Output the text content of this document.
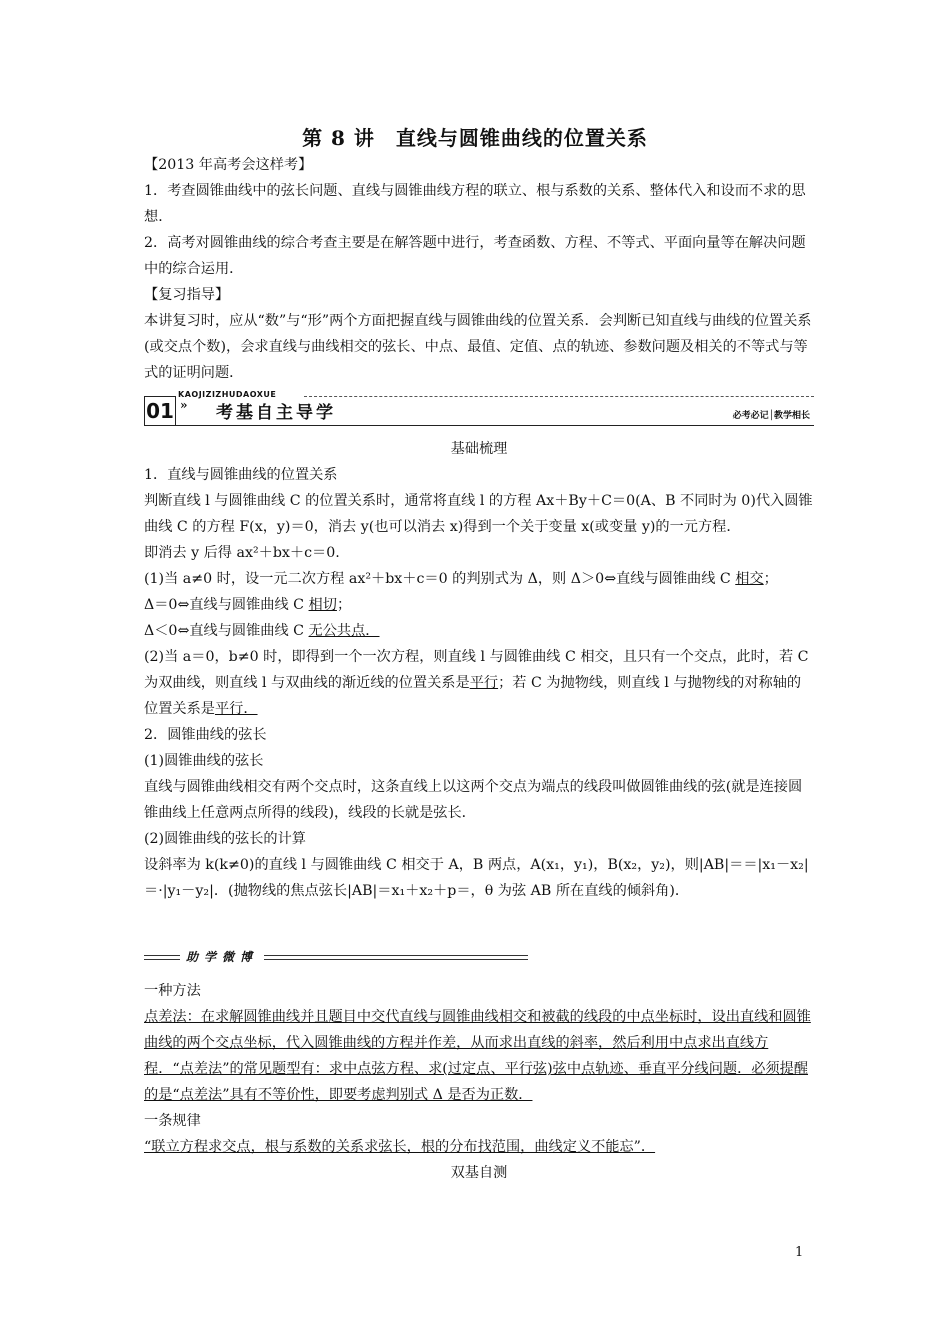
第 8 讲　直线与圆锥曲线的位置关系

【2013 年高考会这样考】

1．考查圆锥曲线中的弦长问题、直线与圆锥曲线方程的联立、根与系数的关系、整体代入和设而不求的思想．

2．高考对圆锥曲线的综合考查主要是在解答题中进行，考查函数、方程、不等式、平面向量等在解决问题中的综合运用．

【复习指导】

本讲复习时，应从“数”与“形”两个方面把握直线与圆锥曲线的位置关系．会判断已知直线与曲线的位置关系(或交点个数)，会求直线与曲线相交的弦长、中点、最值、定值、点的轨迹、参数问题及相关的不等式与等式的证明问题．

KAOJIZIZHUDAOXUE
01 » 考基自主导学	必考必记│教学相长

基础梳理

1．直线与圆锥曲线的位置关系

判断直线 l 与圆锥曲线 C 的位置关系时，通常将直线 l 的方程 Ax＋By＋C＝0(A、B 不同时为 0)代入圆锥曲线 C 的方程 F(x，y)＝0，消去 y(也可以消去 x)得到一个关于变量 x(或变量 y)的一元方程．

即消去 y 后得 ax²＋bx＋c＝0.

(1)当 a≠0 时，设一元二次方程 ax²＋bx＋c＝0 的判别式为 Δ，则 Δ＞0⇔直线与圆锥曲线 C 相交；

Δ＝0⇔直线与圆锥曲线 C 相切；

Δ＜0⇔直线与圆锥曲线 C 无公共点．

(2)当 a＝0，b≠0 时，即得到一个一次方程，则直线 l 与圆锥曲线 C 相交，且只有一个交点，此时，若 C 为双曲线，则直线 l 与双曲线的渐近线的位置关系是平行；若 C 为抛物线，则直线 l 与抛物线的对称轴的位置关系是平行．

2．圆锥曲线的弦长

(1)圆锥曲线的弦长

直线与圆锥曲线相交有两个交点时，这条直线上以这两个交点为端点的线段叫做圆锥曲线的弦(就是连接圆锥曲线上任意两点所得的线段)，线段的长就是弦长．

(2)圆锥曲线的弦长的计算

设斜率为 k(k≠0)的直线 l 与圆锥曲线 C 相交于 A，B 两点，A(x₁，y₁)，B(x₂，y₂)，则|AB|＝＝|x₁－x₂|＝·|y₁－y₂|．(抛物线的焦点弦长|AB|＝x₁＋x₂＋p＝，θ 为弦 AB 所在直线的倾斜角)．

助学微博

一种方法

点差法：在求解圆锥曲线并且题目中交代直线与圆锥曲线相交和被截的线段的中点坐标时，设出直线和圆锥曲线的两个交点坐标，代入圆锥曲线的方程并作差，从而求出直线的斜率，然后利用中点求出直线方程．“点差法”的常见题型有：求中点弦方程、求(过定点、平行弦)弦中点轨迹、垂直平分线问题．必须提醒的是“点差法”具有不等价性，即要考虑判别式 Δ 是否为正数．

一条规律

“联立方程求交点，根与系数的关系求弦长，根的分布找范围，曲线定义不能忘”．

双基自测

1
